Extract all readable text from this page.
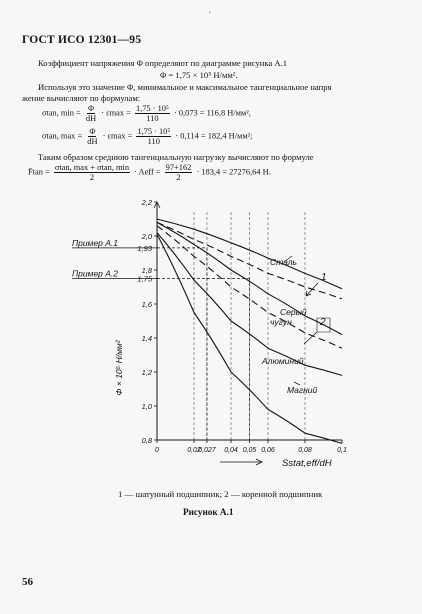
ГОСТ ИСО 12301—95
'
Коэффициент напряжения Φ определяют по диаграмме рисунка А.1
Φ = 1,75 × 10⁵ Н/мм².
Используя это значение Φ, минимальное и максимальное тангенциальное напря
жение вычисляют по формулам:
σtan, $\min = \frac{\Phi}{dH} \cdot \varepsilon\max = \frac{\text{1,75 · 10⁵}}{110} \cdot 0,073 = 116,8$ Н/мм²,
σtan, $\max = \frac{\Phi}{dH} \cdot \varepsilon\max = \frac{\text{1,75 · 10⁵}}{110} \cdot 0,114 = 182,4$ Н/мм²;
Таким образом среднюю тангенциальную нагрузку вычисляют по формуле
F̄tan = $\frac{\sigma\tan, \max + \sigma\tan, \min}{2}$ · Aeff = $\frac{97+162}{2} \cdot 183,4 = 27276,64$ Н.
0,8
1,0
1,2
1,4
1,6
1,8
2,0
2,2
0	0,02
0,027 0,04 0,05 0,06	0,08	0,1
Sstat,eff/dH
Φ × 10⁵ Н/мм²
Пример А.1
1,93
Пример А.2
1,75
Сталь
1
Серый
чугун	2
Алюминий
Магний
1 — шатунный подшипник; 2 — коренной подшипник
Рисунок А.1
56
